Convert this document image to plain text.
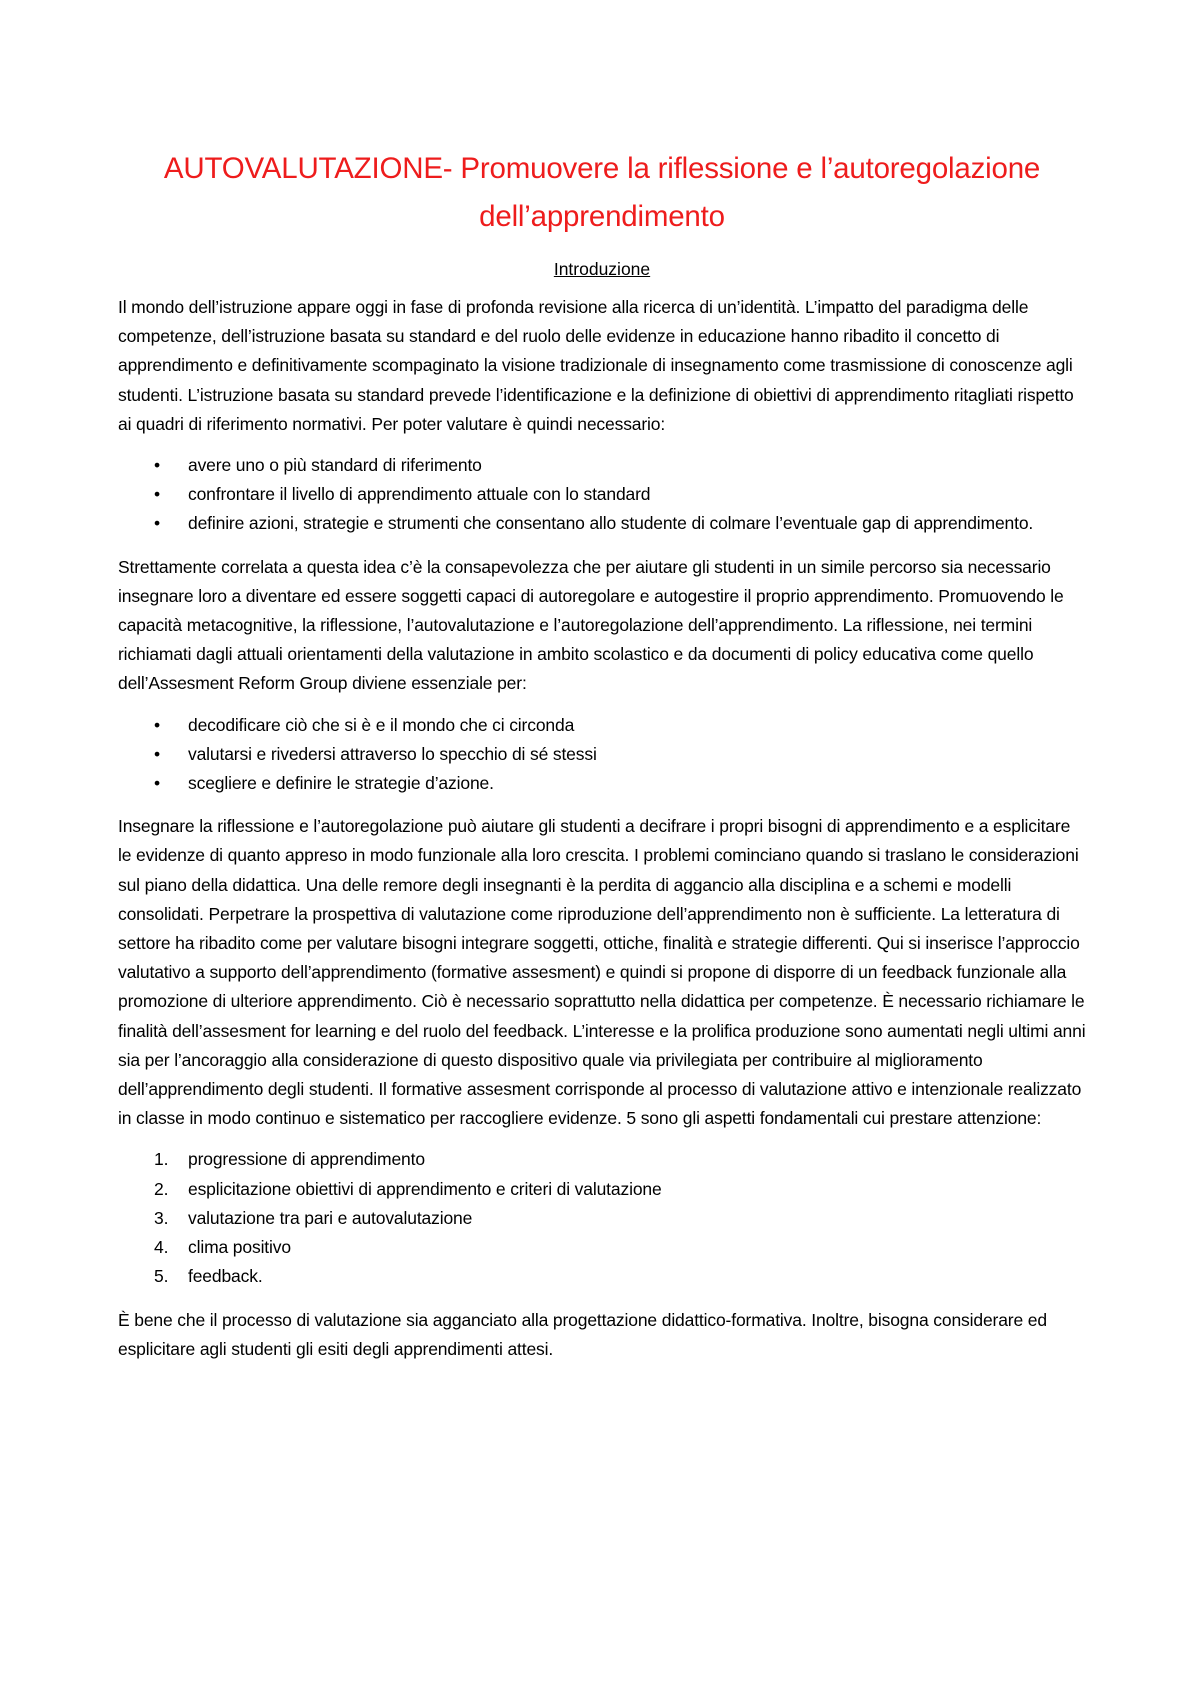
AUTOVALUTAZIONE- Promuovere la riflessione e l’autoregolazione dell’apprendimento
Introduzione

Il mondo dell’istruzione appare oggi in fase di profonda revisione alla ricerca di un’identità. L’impatto del paradigma delle competenze, dell’istruzione basata su standard e del ruolo delle evidenze in educazione hanno ribadito il concetto di apprendimento e definitivamente scompaginato la visione tradizionale di insegnamento come trasmissione di conoscenze agli studenti. L’istruzione basata su standard prevede l’identificazione e la definizione di obiettivi di apprendimento ritagliati rispetto ai quadri di riferimento normativi. Per poter valutare è quindi necessario:

• avere uno o più standard di riferimento
• confrontare il livello di apprendimento attuale con lo standard
• definire azioni, strategie e strumenti che consentano allo studente di colmare l’eventuale gap di apprendimento.

Strettamente correlata a questa idea c’è la consapevolezza che per aiutare gli studenti in un simile percorso sia necessario insegnare loro a diventare ed essere soggetti capaci di autoregolare e autogestire il proprio apprendimento. Promuovendo le capacità metacognitive, la riflessione, l’autovalutazione e l’autoregolazione dell’apprendimento. La riflessione, nei termini richiamati dagli attuali orientamenti della valutazione in ambito scolastico e da documenti di policy educativa come quello dell’Assesment Reform Group diviene essenziale per:

• decodificare ciò che si è e il mondo che ci circonda
• valutarsi e rivedersi attraverso lo specchio di sé stessi
• scegliere e definire le strategie d’azione.

Insegnare la riflessione e l’autoregolazione può aiutare gli studenti a decifrare i propri bisogni di apprendimento e a esplicitare le evidenze di quanto appreso in modo funzionale alla loro crescita. I problemi cominciano quando si traslano le considerazioni sul piano della didattica. Una delle remore degli insegnanti è la perdita di aggancio alla disciplina e a schemi e modelli consolidati. Perpetrare la prospettiva di valutazione come riproduzione dell’apprendimento non è sufficiente. La letteratura di settore ha ribadito come per valutare bisogni integrare soggetti, ottiche, finalità e strategie differenti. Qui si inserisce l’approccio valutativo a supporto dell’apprendimento (formative assesment) e quindi si propone di disporre di un feedback funzionale alla promozione di ulteriore apprendimento. Ciò è necessario soprattutto nella didattica per competenze. È necessario richiamare le finalità dell’assesment for learning e del ruolo del feedback. L’interesse e la prolifica produzione sono aumentati negli ultimi anni sia per l’ancoraggio alla considerazione di questo dispositivo quale via privilegiata per contribuire al miglioramento dell’apprendimento degli studenti. Il formative assesment corrisponde al processo di valutazione attivo e intenzionale realizzato in classe in modo continuo e sistematico per raccogliere evidenze. 5 sono gli aspetti fondamentali cui prestare attenzione:

1. progressione di apprendimento
2. esplicitazione obiettivi di apprendimento e criteri di valutazione
3. valutazione tra pari e autovalutazione
4. clima positivo
5. feedback.

È bene che il processo di valutazione sia agganciato alla progettazione didattico-formativa. Inoltre, bisogna considerare ed esplicitare agli studenti gli esiti degli apprendimenti attesi.
